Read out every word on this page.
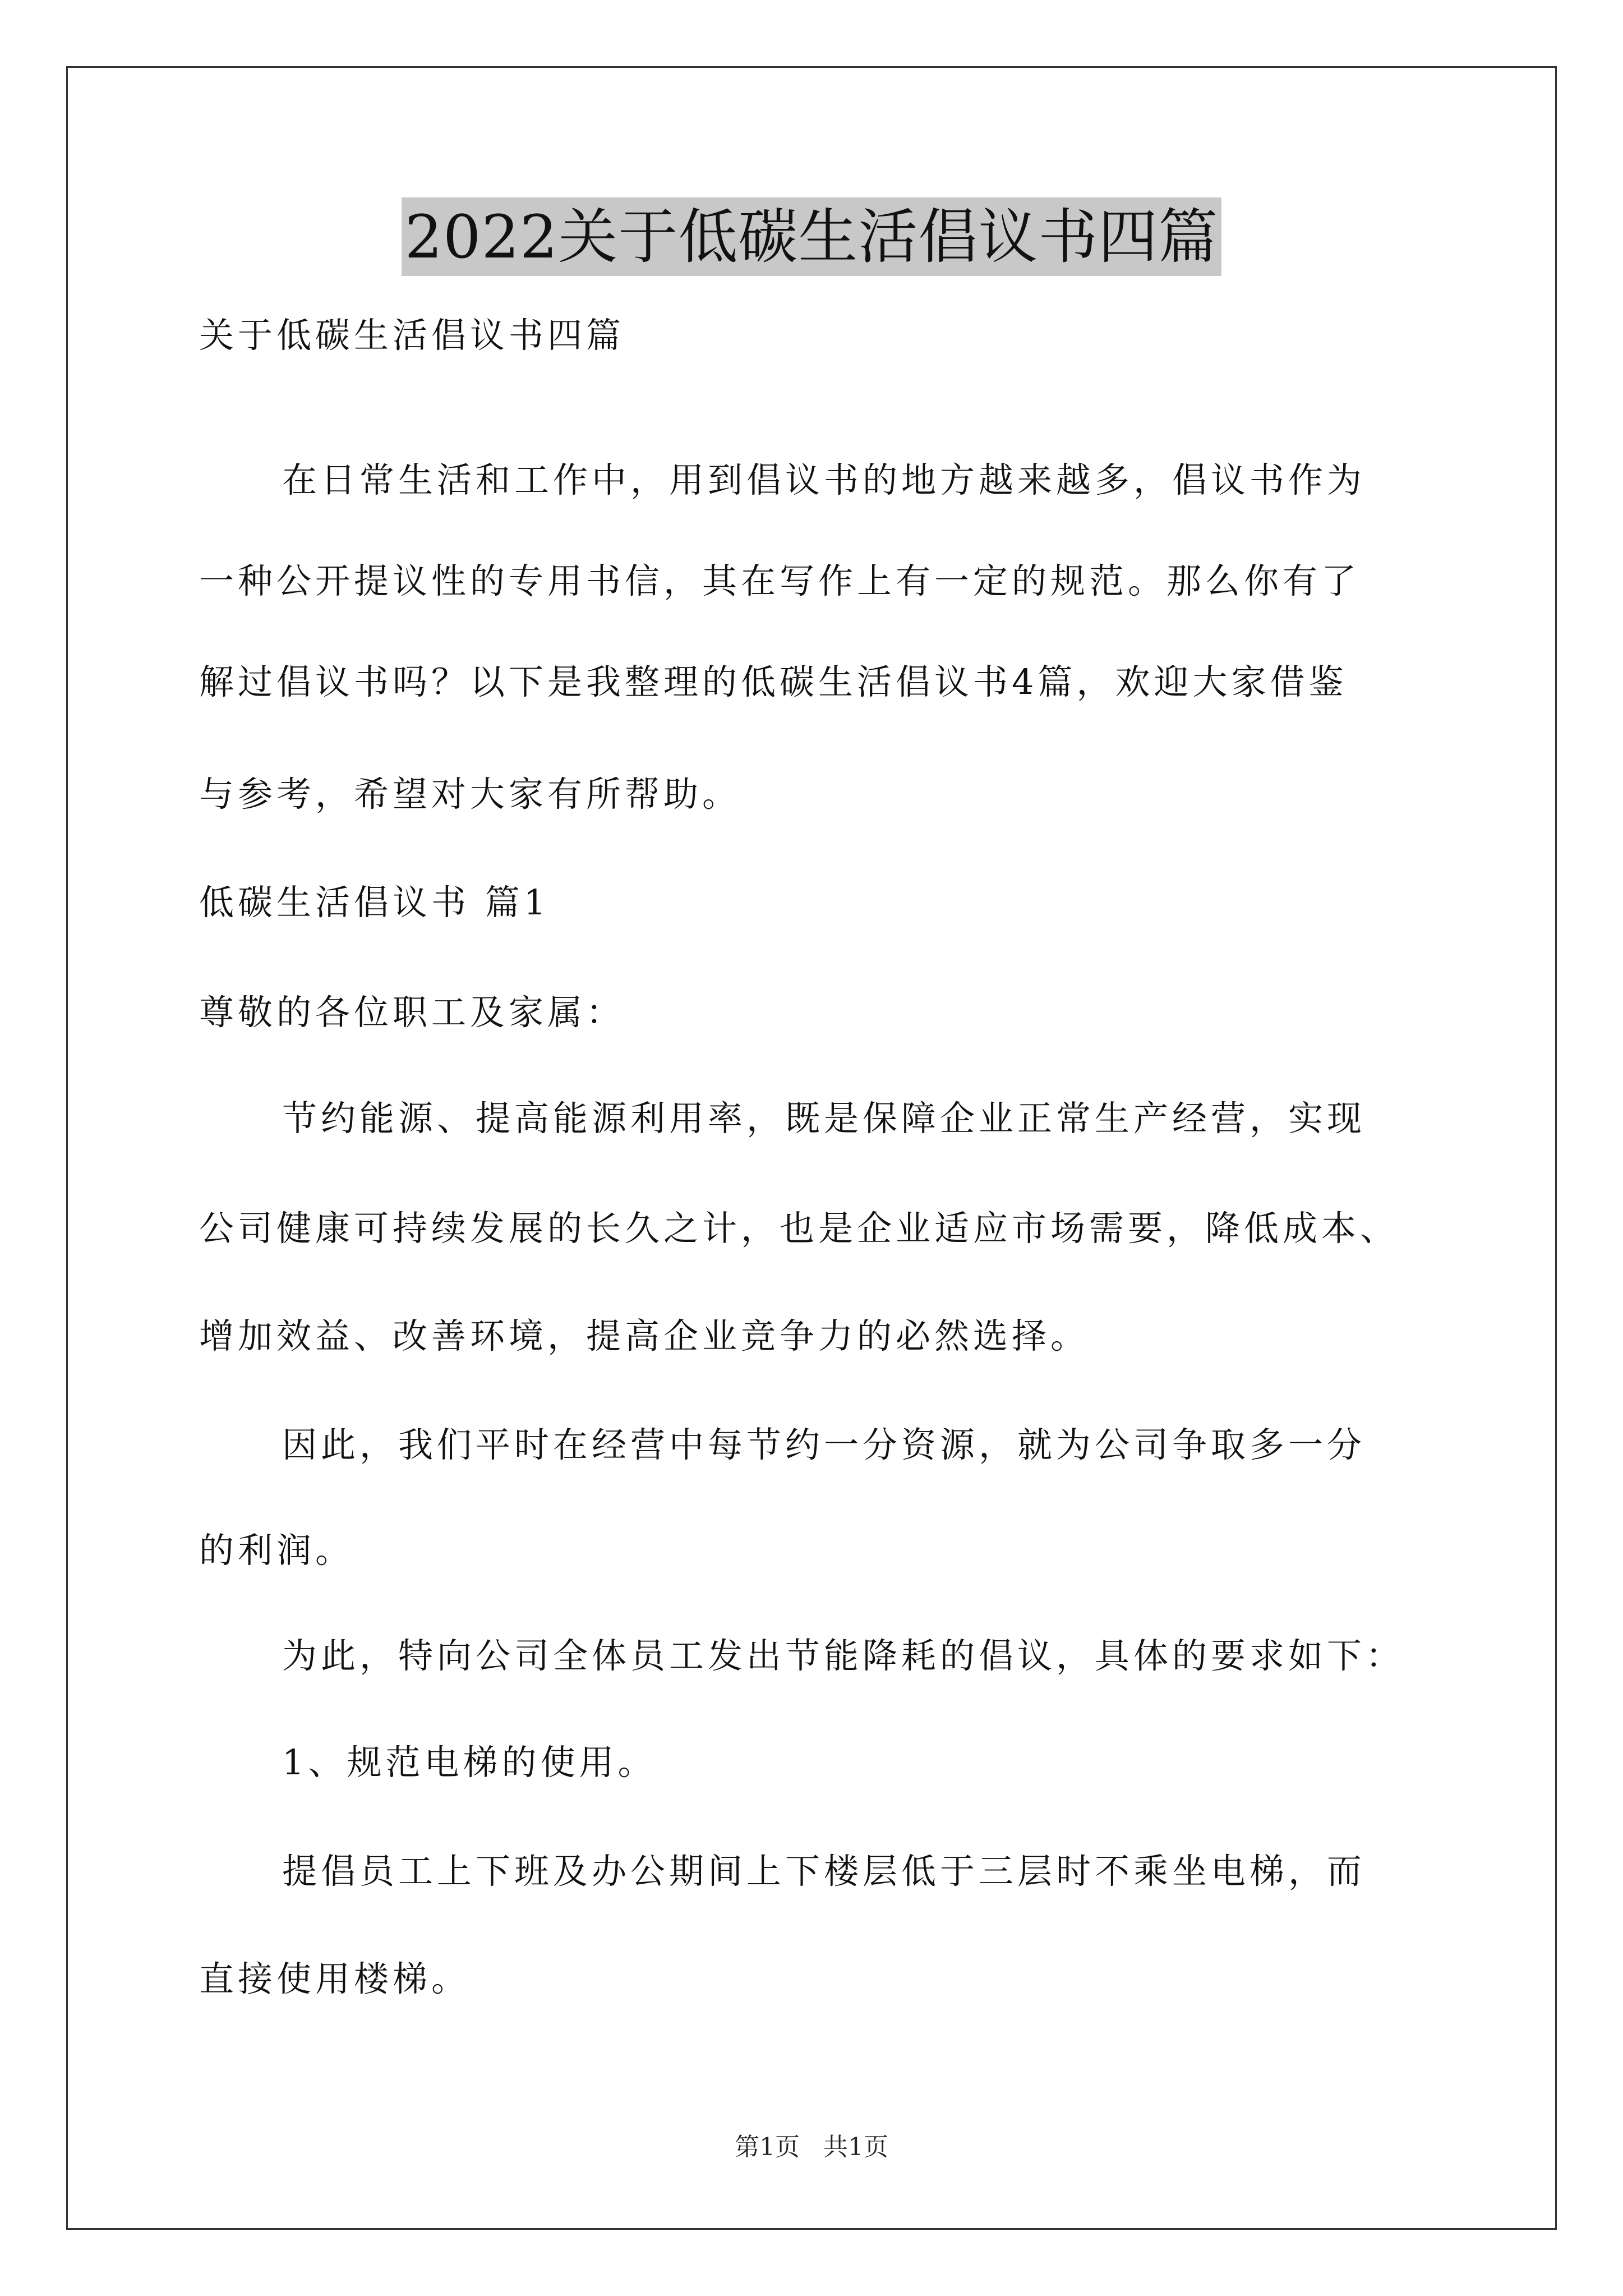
2022关于低碳生活倡议书四篇
关于低碳生活倡议书四篇
在日常生活和工作中，用到倡议书的地方越来越多，倡议书作为
一种公开提议性的专用书信，其在写作上有一定的规范。那么你有了
解过倡议书吗？以下是我整理的低碳生活倡议书4篇，欢迎大家借鉴
与参考，希望对大家有所帮助。
低碳生活倡议书 篇1
尊敬的各位职工及家属：
节约能源、提高能源利用率，既是保障企业正常生产经营，实现
公司健康可持续发展的长久之计，也是企业适应市场需要，降低成本、
增加效益、改善环境，提高企业竞争力的必然选择。
因此，我们平时在经营中每节约一分资源，就为公司争取多一分
的利润。
为此，特向公司全体员工发出节能降耗的倡议，具体的要求如下：
1、规范电梯的使用。
提倡员工上下班及办公期间上下楼层低于三层时不乘坐电梯，而
直接使用楼梯。
第1页 共1页
